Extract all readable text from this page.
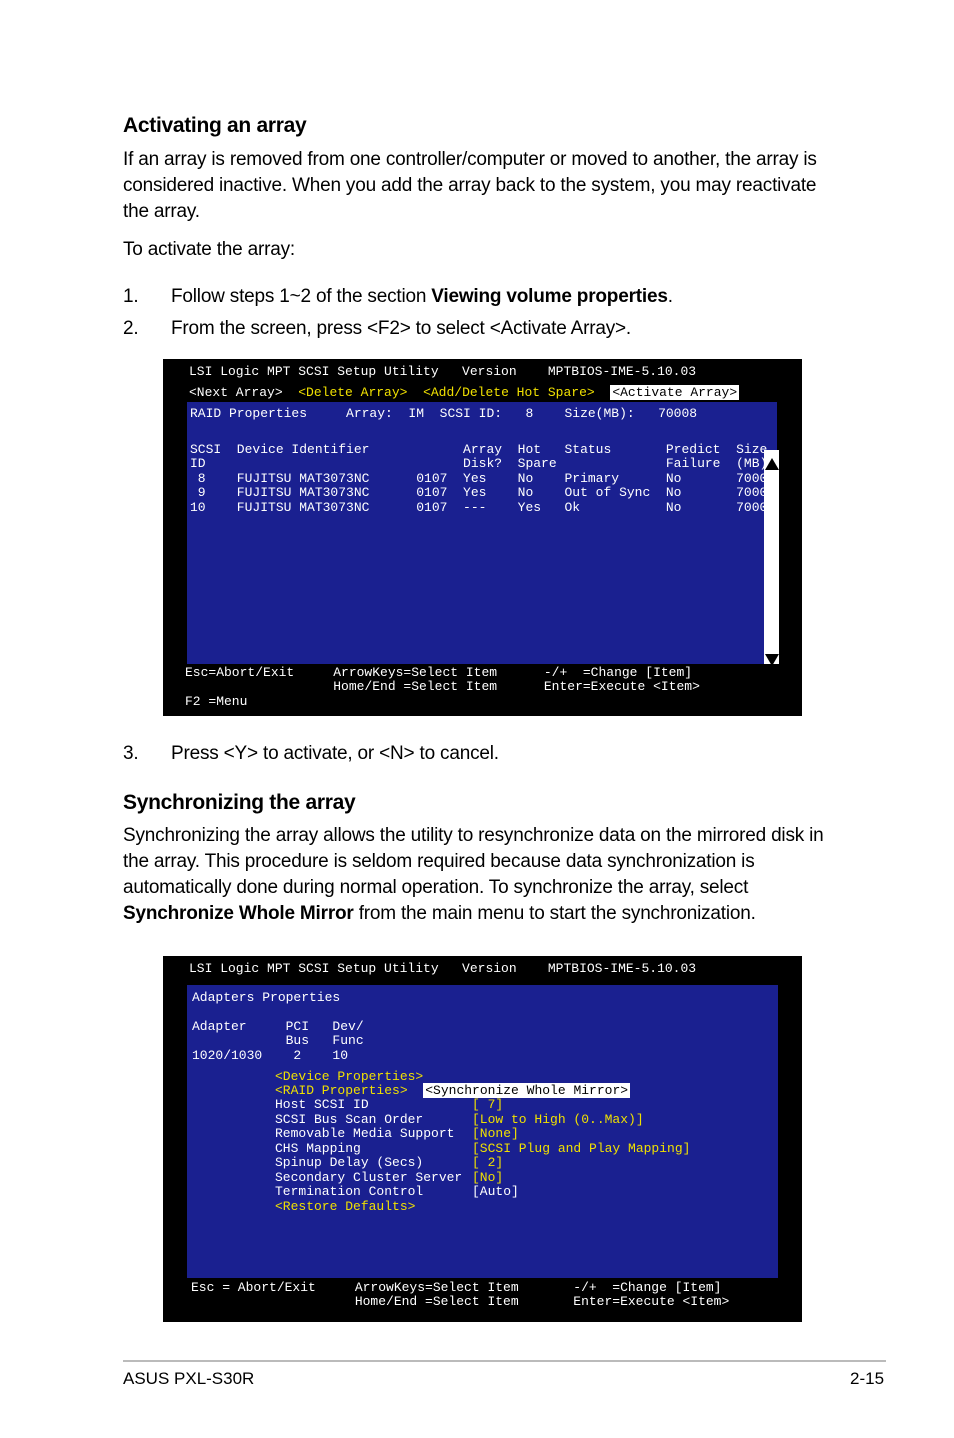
Activating an array
If an array is removed from one controller/computer or moved to another, the array is considered inactive. When you add the array back to the system, you may reactivate the array.
To activate the array:
1. Follow steps 1~2 of the section Viewing volume properties.
2. From the screen, press <F2> to select <Activate Array>.
LSI Logic MPT SCSI Setup Utility   Version    MPTBIOS-IME-5.10.03
<Next Array> <Delete Array> <Add/Delete Hot Spare> <Activate Array>
RAID Properties     Array:  IM  SCSI ID:   8    Size(MB):   70008
SCSI  Device Identifier            Array  Hot   Status       Predict  Size
ID                                 Disk?  Spare              Failure  (MB)
8    FUJITSU MAT3073NC      0107  Yes    No    Primary      No       70008
9    FUJITSU MAT3073NC      0107  Yes    No    Out of Sync  No       70008
10    FUJITSU MAT3073NC      0107  ---    Yes   Ok           No       70008
Esc=Abort/Exit     ArrowKeys=Select Item      -/+  =Change [Item]
Home/End =Select Item      Enter=Execute <Item>
F2 =Menu
3. Press <Y> to activate, or <N> to cancel.
Synchronizing the array
Synchronizing the array allows the utility to resynchronize data on the mirrored disk in the array. This procedure is seldom required because data synchronization is automatically done during normal operation. To synchronize the array, select Synchronize Whole Mirror from the main menu to start the synchronization.
LSI Logic MPT SCSI Setup Utility   Version    MPTBIOS-IME-5.10.03
Adapters Properties
Adapter     PCI   Dev/
Bus   Func
1020/1030    2    10
<Device Properties>
<RAID Properties> <Synchronize Whole Mirror>
Host SCSI ID	[ 7]
SCSI Bus Scan Order	[Low to High (0..Max)]
Removable Media Support [None]
CHS Mapping	[SCSI Plug and Play Mapping]
Spinup Delay (Secs)	[ 2]
Secondary Cluster Server [No]
Termination Control	[Auto]
<Restore Defaults>
Esc = Abort/Exit     ArrowKeys=Select Item       -/+  =Change [Item]
Home/End =Select Item       Enter=Execute <Item>
ASUS PXL-S30R	2-15
